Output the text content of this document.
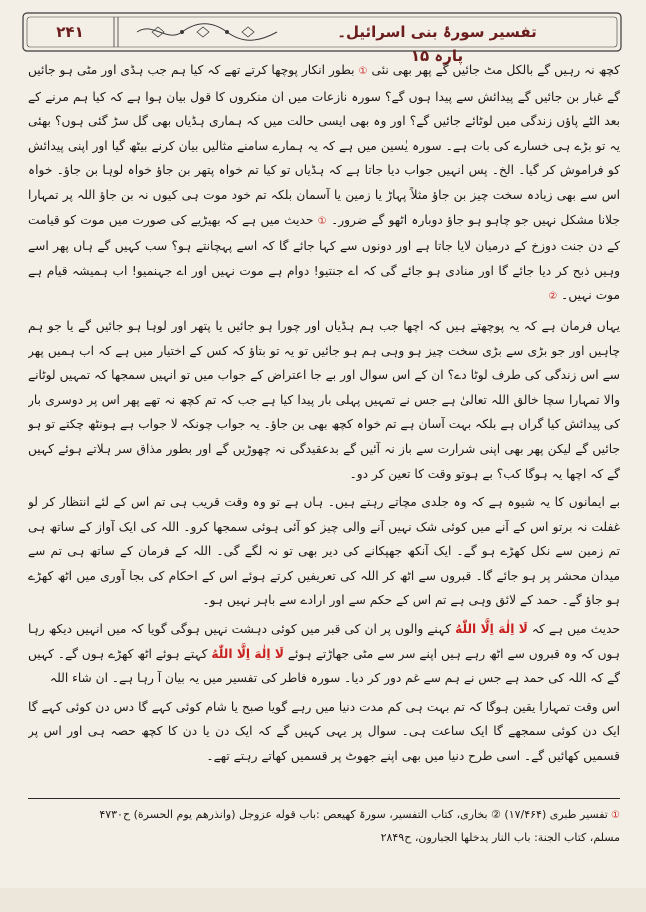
۲۴۱	تفسیر سورۂ بنی اسرائیل۔ پارہ ۱۵

کچھ نہ رہیں گے بالکل مٹ جائیں گے پھر بھی نئی ① بطور انکار پوچھا کرتے تھے کہ کیا ہم جب ہڈی اور مٹی ہو جائیں گے غبار بن جائیں گے پیدائش سے پیدا ہوں گے؟ سورہ نازعات میں ان منکروں کا قول بیان ہوا ہے کہ کیا ہم مرنے کے بعد الٹے پاؤں زندگی میں لوٹائے جائیں گے؟ اور وہ بھی ایسی حالت میں کہ ہماری ہڈیاں بھی گل سڑ گئی ہوں؟ بھئی یہ تو بڑے ہی خسارے کی بات ہے۔ سورہ یٰسین میں ہے کہ یہ ہمارے سامنے مثالیں بیان کرنے بیٹھ گیا اور اپنی پیدائش کو فراموش کر گیا۔ الخ۔ پس انہیں جواب دیا جاتا ہے کہ ہڈیاں تو کیا تم خواہ پتھر بن جاؤ خواہ لوہا بن جاؤ۔ خواہ اس سے بھی زیادہ سخت چیز بن جاؤ مثلاً پہاڑ یا زمین یا آسمان بلکہ تم خود موت ہی کیوں نہ بن جاؤ اللہ پر تمہارا جلانا مشکل نہیں جو چاہو ہو جاؤ دوبارہ اٹھو گے ضرور۔ ① حدیث میں ہے کہ بھیڑیے کی صورت میں موت کو قیامت کے دن جنت دوزخ کے درمیان لایا جاتا ہے اور دونوں سے کہا جائے گا کہ اسے پہچانتے ہو؟ سب کہیں گے ہاں پھر اسے وہیں ذبح کر دیا جائے گا اور منادی ہو جائے گی کہ اے جنتیو! دوام ہے موت نہیں اور اے جہنمیو! اب ہمیشہ قیام ہے موت نہیں۔ ②

یہاں فرمان ہے کہ یہ پوچھتے ہیں کہ اچھا جب ہم ہڈیاں اور چورا ہو جائیں یا پتھر اور لوہا ہو جائیں گے یا جو ہم چاہیں اور جو بڑی سے بڑی سخت چیز ہو وہی ہم ہو جائیں تو یہ تو بتاؤ کہ کس کے اختیار میں ہے کہ اب ہمیں پھر سے اس زندگی کی طرف لوٹا دے؟ ان کے اس سوال اور بے جا اعتراض کے جواب میں تو انہیں سمجھا کہ تمہیں لوٹانے والا تمہارا سچا خالق اللہ تعالیٰ ہے جس نے تمہیں پہلی بار پیدا کیا ہے جب کہ تم کچھ نہ تھے پھر اس پر دوسری بار کی پیدائش کیا گراں ہے بلکہ بہت آسان ہے تم خواہ کچھ بھی بن جاؤ۔ یہ جواب چونکہ لا جواب ہے ہونٹھ چکتے تو ہو جائیں گے لیکن پھر بھی اپنی شرارت سے باز نہ آئیں گے بدعقیدگی نہ چھوڑیں گے اور بطور مذاق سر ہلاتے ہوئے کہیں گے کہ اچھا یہ ہوگا کب؟ بے ہوتو وقت کا تعین کر دو۔

بے ایمانوں کا یہ شیوہ ہے کہ وہ جلدی مچاتے رہتے ہیں۔ ہاں ہے تو وہ وقت قریب ہی تم اس کے لئے انتظار کر لو غفلت نہ برتو اس کے آنے میں کوئی شک نہیں آنے والی چیز کو آئی ہوئی سمجھا کرو۔ اللہ کی ایک آواز کے ساتھ ہی تم زمین سے نکل کھڑے ہو گے۔ ایک آنکھ جھپکانے کی دیر بھی تو نہ لگے گی۔ اللہ کے فرمان کے ساتھ ہی تم سے میدان محشر پر ہو جائے گا۔ قبروں سے اٹھ کر اللہ کی تعریفیں کرتے ہوئے اس کے احکام کی بجا آوری میں اٹھ کھڑے ہو جاؤ گے۔ حمد کے لائق وہی ہے تم اس کے حکم سے اور ارادے سے باہر نہیں ہو۔

حدیث میں ہے کہ لَا اِلٰهَ اِلَّا اللّٰهُ کہنے والوں پر ان کی قبر میں کوئی دہشت نہیں ہوگی گویا کہ میں انہیں دیکھ رہا ہوں کہ وہ قبروں سے اٹھ رہے ہیں اپنے سر سے مٹی جھاڑتے ہوئے لَا اِلٰهَ اِلَّا اللّٰهُ کہتے ہوئے اٹھ کھڑے ہوں گے۔ کہیں گے کہ اللہ کی حمد ہے جس نے ہم سے غم دور کر دیا۔ سورہ فاطر کی تفسیر میں یہ بیان آ رہا ہے۔ ان شاء اللہ

اس وقت تمہارا یقین ہوگا کہ تم بہت ہی کم مدت دنیا میں رہے گویا صبح یا شام کوئی کہے گا دس دن کوئی کہے گا ایک دن کوئی سمجھے گا ایک ساعت ہی۔ سوال پر یہی کہیں گے کہ ایک دن یا دن کا کچھ حصہ ہی اور اس پر قسمیں کھائیں گے۔ اسی طرح دنیا میں بھی اپنے جھوٹ پر قسمیں کھاتے رہتے تھے۔

① تفسیر طبری (۱۷/۴۶۴) ② بخاری، کتاب التفسیر، سورۃ کھیعص :باب قوله عزوجل (وانذرهم يوم الحسرة) ح۴۷۳۰
مسلم، کتاب الجنة: باب النار يدخلها الجبارون، ح۲۸۴۹
